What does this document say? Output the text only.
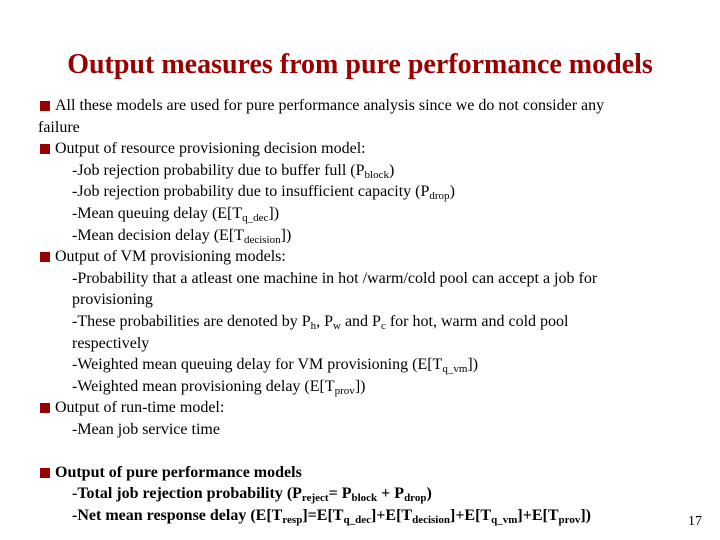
Output measures from pure performance models
All these models are used for pure performance analysis since we do not consider any
failure
Output of resource provisioning decision model:
-Job rejection probability due to buffer full $(P_{block})$
-Job rejection probability due to insufficient capacity $(P_{drop})$
-Mean queuing delay $(E[T_{q\_dec}])$
-Mean decision delay $(E[T_{decision}])$
Output of VM provisioning models:
-Probability that a atleast one machine in hot /warm/cold pool can accept a job for
provisioning
-These probabilities are denoted by $P_h$, $P_w$ and $P_c$ for hot, warm and cold pool
respectively
-Weighted mean queuing delay for VM provisioning $(E[T_{q\_vm}])$
-Weighted mean provisioning delay $(E[T_{prov}])$
Output of run-time model:
-Mean job service time
Output of pure performance models
-Total job rejection probability $(P_{reject}= P_{block} + P_{drop})$
-Net mean response delay $(E[T_{resp}]=E[T_{q\_dec}]+E[T_{decision}]+E[T_{q\_vm}]+E[T_{prov}])$	17
